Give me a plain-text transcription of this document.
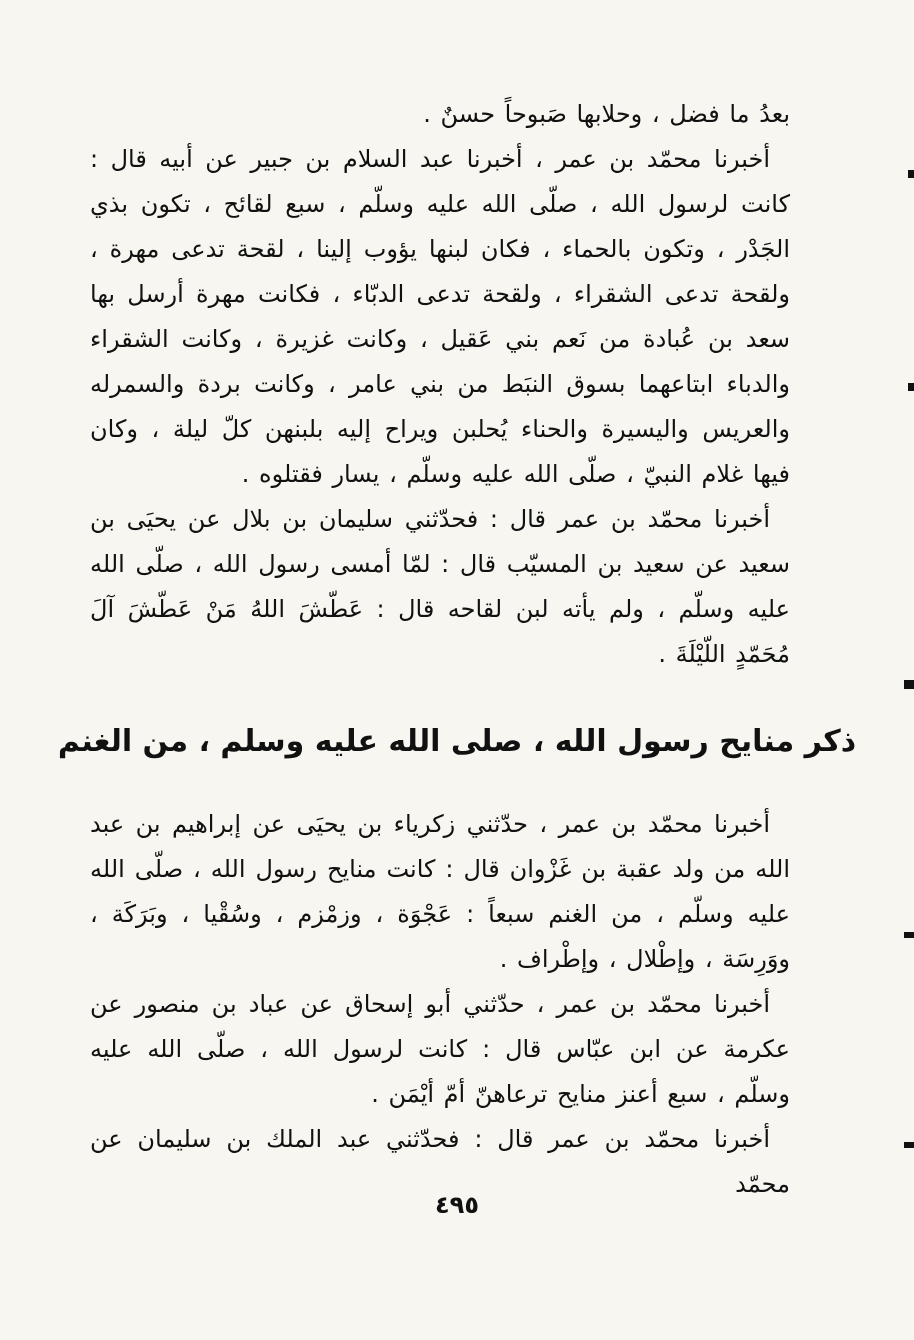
بعدُ ما فضل ، وحلابها صَبوحاً حسنٌ .

أخبرنا محمّد بن عمر ، أخبرنا عبد السلام بن جبير عن أبيه قال : كانت لرسول الله ، صلّى الله عليه وسلّم ، سبع لقائح ، تكون بذي الجَدْر ، وتكون بالحماء ، فكان لبنها يؤوب إلينا ، لقحة تدعى مهرة ، ولقحة تدعى الشقراء ، ولقحة تدعى الدبّاء ، فكانت مهرة أرسل بها سعد بن عُبادة من نَعم بني عَقيل ، وكانت غزيرة ، وكانت الشقراء والدباء ابتاعهما بسوق النبَط من بني عامر ، وكانت بردة والسمرله والعريس واليسيرة والحناء يُحلبن ويراح إليه بلبنهن كلّ ليلة ، وكان فيها غلام النبيّ ، صلّى الله عليه وسلّم ، يسار فقتلوه .

أخبرنا محمّد بن عمر قال : فحدّثني سليمان بن بلال عن يحيَى بن سعيد عن سعيد بن المسيّب قال : لمّا أمسى رسول الله ، صلّى الله عليه وسلّم ، ولم يأته لبن لقاحه قال : عَطّشَ اللهُ مَنْ عَطّشَ آلَ مُحَمّدٍ اللّيْلَةَ .

ذكر منايح رسول الله ، صلى الله عليه وسلم ، من الغنم

أخبرنا محمّد بن عمر ، حدّثني زكرياء بن يحيَى عن إبراهيم بن عبد الله من ولد عقبة بن غَزْوان قال : كانت منايح رسول الله ، صلّى الله عليه وسلّم ، من الغنم سبعاً : عَجْوَة ، وزمْزم ، وسُقْيا ، وبَرَكَة ، ووَرِسَة ، وإطْلال ، وإطْراف .

أخبرنا محمّد بن عمر ، حدّثني أبو إسحاق عن عباد بن منصور عن عكرمة عن ابن عبّاس قال : كانت لرسول الله ، صلّى الله عليه وسلّم ، سبع أعنز منايح ترعاهنّ أمّ أيْمَن .

أخبرنا محمّد بن عمر قال : فحدّثني عبد الملك بن سليمان عن محمّد

٤٩٥
